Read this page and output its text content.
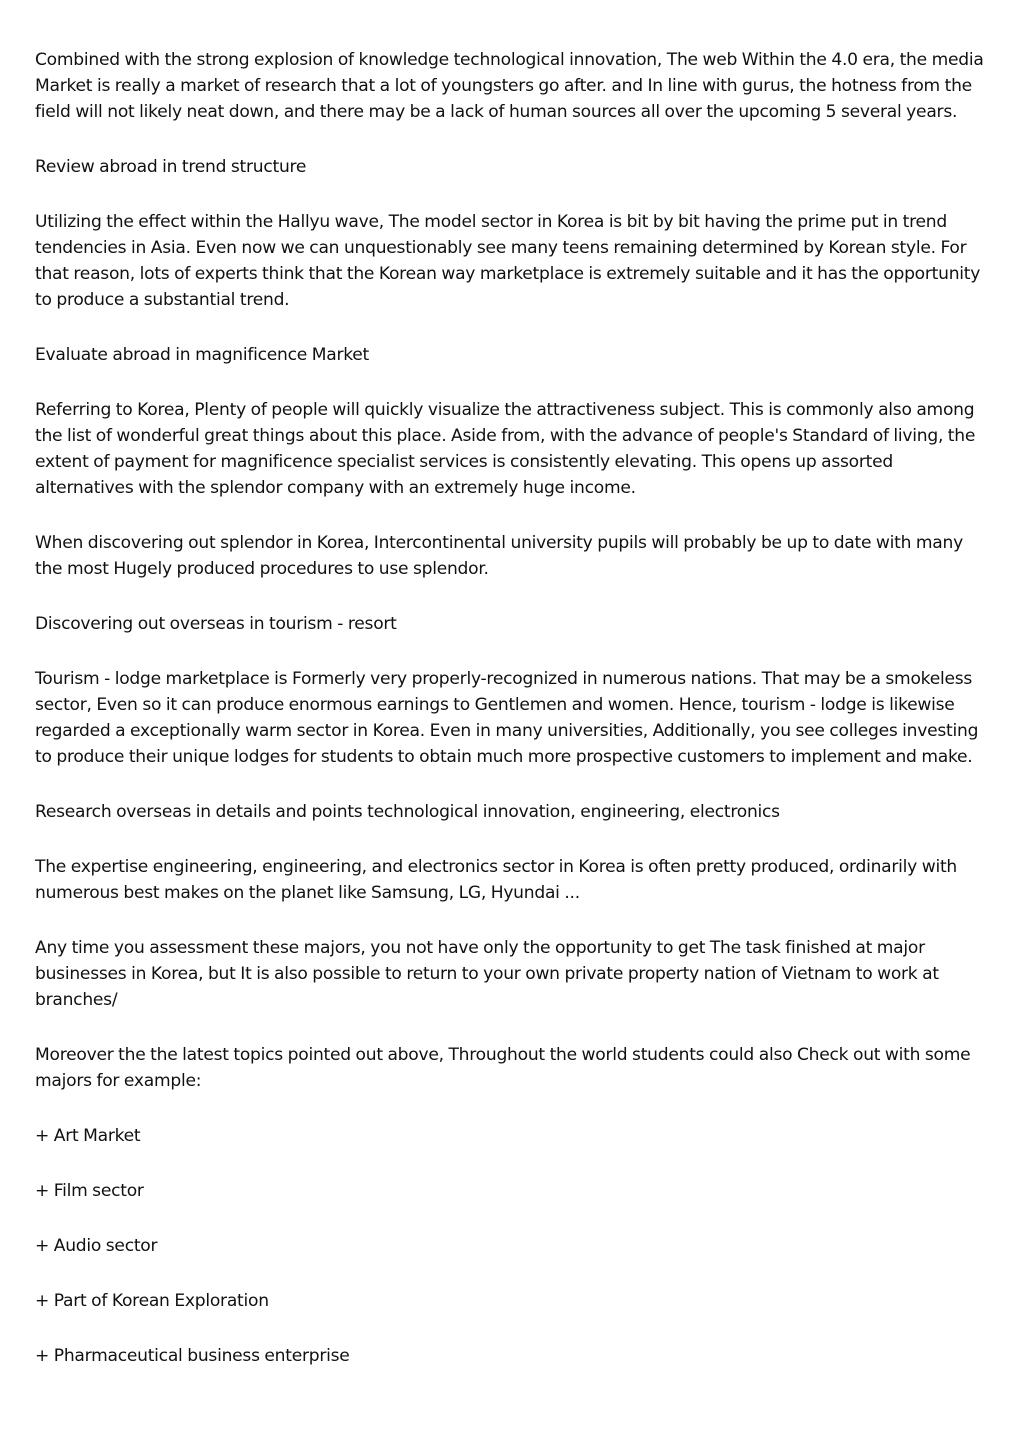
Combined with the strong explosion of knowledge technological innovation, The web Within the 4.0 era, the media Market is really a market of research that a lot of youngsters go after. and In line with gurus, the hotness from the field will not likely neat down, and there may be a lack of human sources all over the upcoming 5 several years.

Review abroad in trend structure

Utilizing the effect within the Hallyu wave, The model sector in Korea is bit by bit having the prime put in trend tendencies in Asia. Even now we can unquestionably see many teens remaining determined by Korean style. For that reason, lots of experts think that the Korean way marketplace is extremely suitable and it has the opportunity to produce a substantial trend.

Evaluate abroad in magnificence Market

Referring to Korea, Plenty of people will quickly visualize the attractiveness subject. This is commonly also among the list of wonderful great things about this place. Aside from, with the advance of people's Standard of living, the extent of payment for magnificence specialist services is consistently elevating. This opens up assorted alternatives with the splendor company with an extremely huge income.

When discovering out splendor in Korea, Intercontinental university pupils will probably be up to date with many the most Hugely produced procedures to use splendor.

Discovering out overseas in tourism - resort

Tourism - lodge marketplace is Formerly very properly-recognized in numerous nations. That may be a smokeless sector, Even so it can produce enormous earnings to Gentlemen and women. Hence, tourism - lodge is likewise regarded a exceptionally warm sector in Korea. Even in many universities, Additionally, you see colleges investing to produce their unique lodges for students to obtain much more prospective customers to implement and make.

Research overseas in details and points technological innovation, engineering, electronics

The expertise engineering, engineering, and electronics sector in Korea is often pretty produced, ordinarily with numerous best makes on the planet like Samsung, LG, Hyundai ...

Any time you assessment these majors, you not have only the opportunity to get The task finished at major businesses in Korea, but It is also possible to return to your own private property nation of Vietnam to work at branches/

Moreover the the latest topics pointed out above, Throughout the world students could also Check out with some majors for example:

+ Art Market

+ Film sector

+ Audio sector

+ Part of Korean Exploration

+ Pharmaceutical business enterprise
